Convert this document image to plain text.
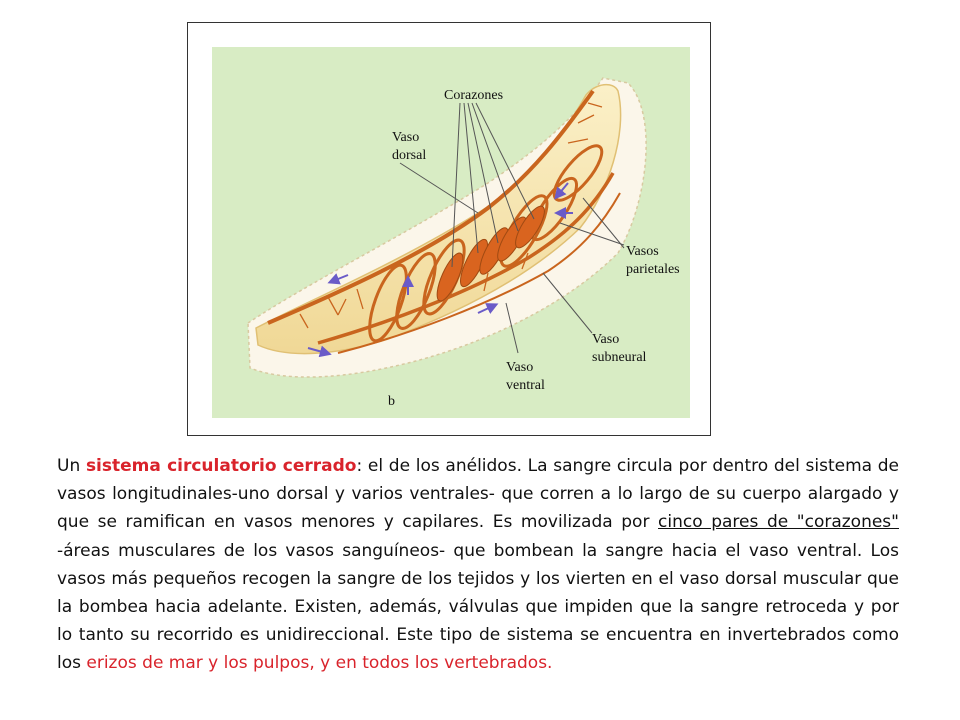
Corazones
Vaso
dorsal
Vasos
parietales
Vaso
subneural
Vaso
ventral
b

Un sistema circulatorio cerrado: el de los anélidos. La sangre circula por dentro del sistema de vasos longitudinales-uno dorsal y varios ventrales- que corren a lo largo de su cuerpo alargado y que se ramifican en vasos menores y capilares. Es movilizada por cinco pares de "corazones" -áreas musculares de los vasos sanguíneos- que bombean la sangre hacia el vaso ventral. Los vasos más pequeños recogen la sangre de los tejidos y los vierten en el vaso dorsal muscular que la bombea hacia adelante. Existen, además, válvulas que impiden que la sangre retroceda y por lo tanto su recorrido es unidireccional. Este tipo de sistema se encuentra en invertebrados como los erizos de mar y los pulpos, y en todos los vertebrados.
